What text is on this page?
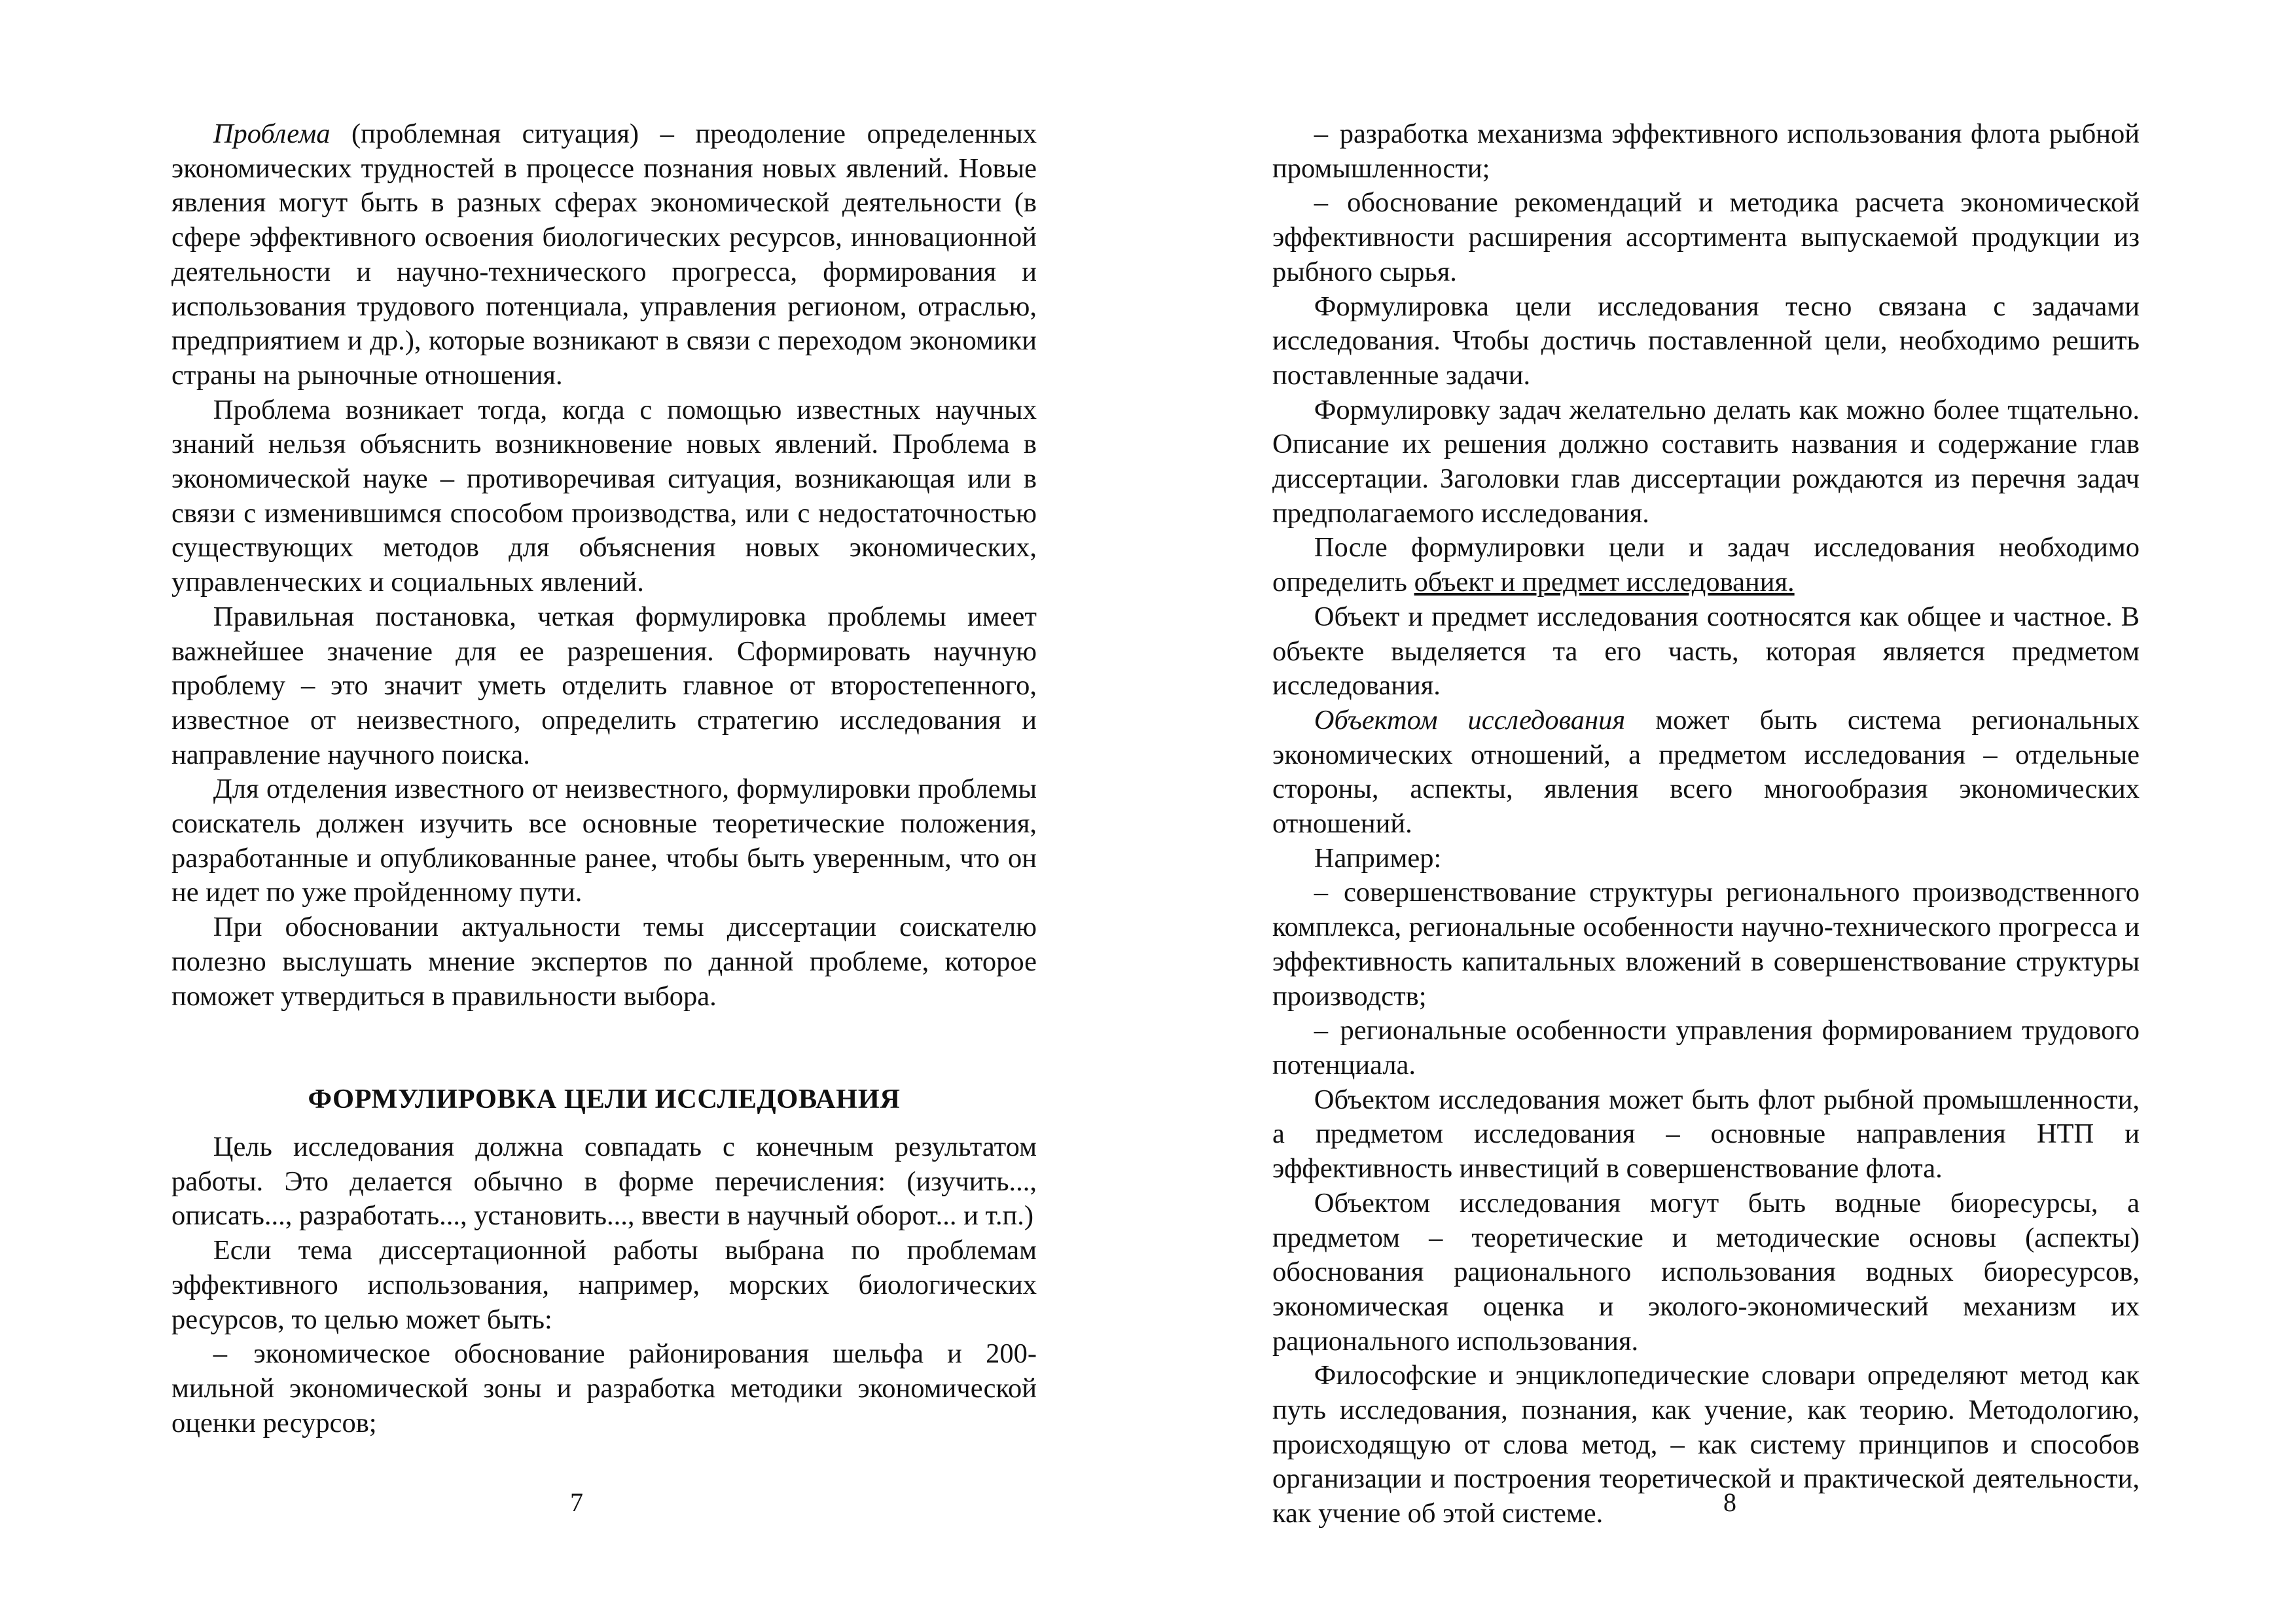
Проблема (проблемная ситуация) – преодоление определенных экономических трудностей в процессе познания новых явлений. Новые явления могут быть в разных сферах экономической деятельности (в сфере эффективного освоения биологических ресурсов, инновационной деятельности и научно-технического прогресса, формирования и использования трудового потенциала, управления регионом, отраслью, предприятием и др.), которые возникают в связи с переходом экономики страны на рыночные отношения.

Проблема возникает тогда, когда с помощью известных научных знаний нельзя объяснить возникновение новых явлений. Проблема в экономической науке – противоречивая ситуация, возникающая или в связи с изменившимся способом производства, или с недостаточностью существующих методов для объяснения новых экономических, управленческих и социальных явлений.

Правильная постановка, четкая формулировка проблемы имеет важнейшее значение для ее разрешения. Сформировать научную проблему – это значит уметь отделить главное от второстепенного, известное от неизвестного, определить стратегию исследования и направление научного поиска.

Для отделения известного от неизвестного, формулировки проблемы соискатель должен изучить все основные теоретические положения, разработанные и опубликованные ранее, чтобы быть уверенным, что он не идет по уже пройденному пути.

При обосновании актуальности темы диссертации соискателю полезно выслушать мнение экспертов по данной проблеме, которое поможет утвердиться в правильности выбора.

ФОРМУЛИРОВКА ЦЕЛИ ИССЛЕДОВАНИЯ

Цель исследования должна совпадать с конечным результатом работы. Это делается обычно в форме перечисления: (изучить..., описать..., разработать..., установить..., ввести в научный оборот... и т.п.)

Если тема диссертационной работы выбрана по проблемам эффективного использования, например, морских биологических ресурсов, то целью может быть:

– экономическое обоснование районирования шельфа и 200-мильной экономической зоны и разработка методики экономической оценки ресурсов;

7

– разработка механизма эффективного использования флота рыбной промышленности;

– обоснование рекомендаций и методика расчета экономической эффективности расширения ассортимента выпускаемой продукции из рыбного сырья.

Формулировка цели исследования тесно связана с задачами исследования. Чтобы достичь поставленной цели, необходимо решить поставленные задачи.

Формулировку задач желательно делать как можно более тщательно. Описание их решения должно составить названия и содержание глав диссертации. Заголовки глав диссертации рождаются из перечня задач предполагаемого исследования.

После формулировки цели и задач исследования необходимо определить объект и предмет исследования.

Объект и предмет исследования соотносятся как общее и частное. В объекте выделяется та его часть, которая является предметом исследования.

Объектом исследования может быть система региональных экономических отношений, а предметом исследования – отдельные стороны, аспекты, явления всего многообразия экономических отношений.

Например:

– совершенствование структуры регионального производственного комплекса, региональные особенности научно-технического прогресса и эффективность капитальных вложений в совершенствование структуры производств;

– региональные особенности управления формированием трудового потенциала.

Объектом исследования может быть флот рыбной промышленности, а предметом исследования – основные направления НТП и эффективность инвестиций в совершенствование флота.

Объектом исследования могут быть водные биоресурсы, а предметом – теоретические и методические основы (аспекты) обоснования рационального использования водных биоресурсов, экономическая оценка и эколого-экономический механизм их рационального использования.

Философские и энциклопедические словари определяют метод как путь исследования, познания, как учение, как теорию. Методологию, происходящую от слова метод, – как систему принципов и способов организации и построения теоретической и практической деятельности, как учение об этой системе.	8
